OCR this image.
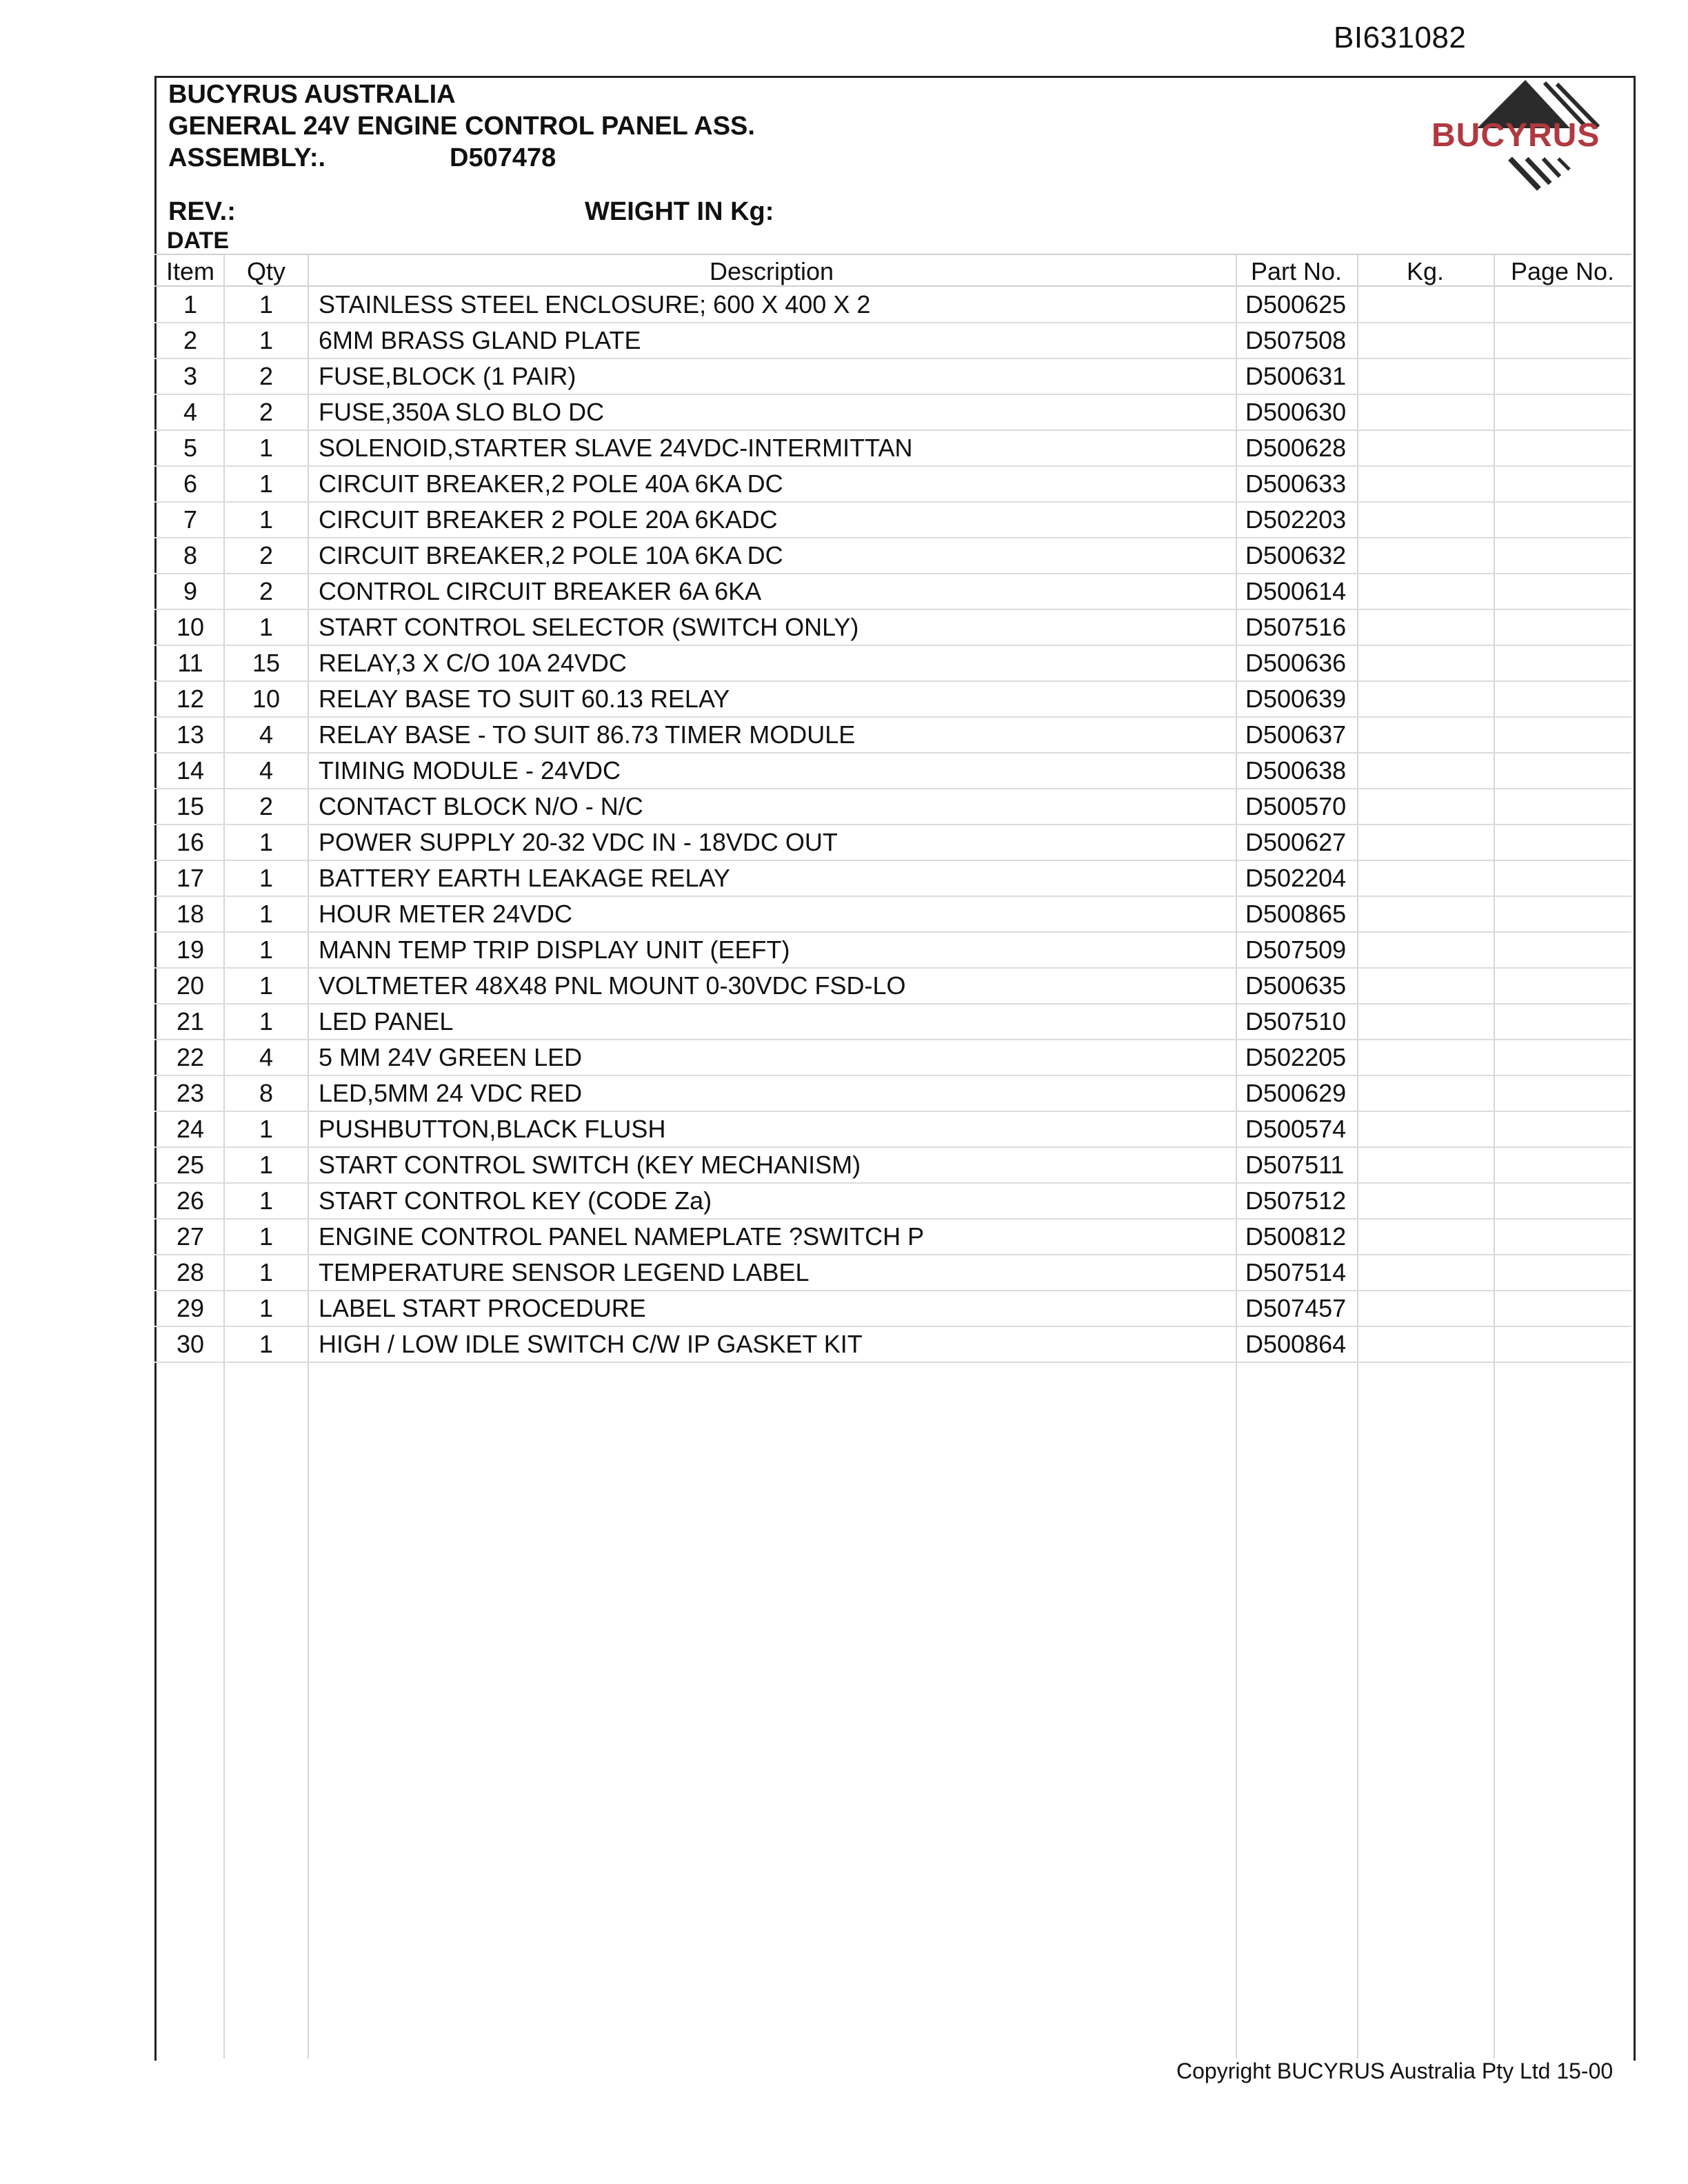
BI631082
BUCYRUS AUSTRALIA
GENERAL 24V ENGINE CONTROL PANEL ASS.
ASSEMBLY:.	D507478
REV.:	WEIGHT IN Kg:
DATE
BUCYRUS
Item	Qty	Description	Part No.	Kg.	Page No.
1	1	STAINLESS STEEL ENCLOSURE; 600 X 400 X 2	D500625
2	1	6MM BRASS GLAND PLATE	D507508
3	2	FUSE,BLOCK (1 PAIR)	D500631
4	2	FUSE,350A SLO BLO DC	D500630
5	1	SOLENOID,STARTER SLAVE 24VDC-INTERMITTAN	D500628
6	1	CIRCUIT BREAKER,2 POLE 40A 6KA DC	D500633
7	1	CIRCUIT BREAKER 2 POLE 20A 6KADC	D502203
8	2	CIRCUIT BREAKER,2 POLE 10A 6KA DC	D500632
9	2	CONTROL CIRCUIT BREAKER 6A 6KA	D500614
10	1	START CONTROL SELECTOR (SWITCH ONLY)	D507516
11	15	RELAY,3 X C/O 10A 24VDC	D500636
12	10	RELAY BASE TO SUIT 60.13 RELAY	D500639
13	4	RELAY BASE - TO SUIT 86.73 TIMER MODULE	D500637
14	4	TIMING MODULE - 24VDC	D500638
15	2	CONTACT BLOCK N/O - N/C	D500570
16	1	POWER SUPPLY 20-32 VDC IN - 18VDC OUT	D500627
17	1	BATTERY EARTH LEAKAGE RELAY	D502204
18	1	HOUR METER 24VDC	D500865
19	1	MANN TEMP TRIP DISPLAY UNIT (EEFT)	D507509
20	1	VOLTMETER 48X48 PNL MOUNT 0-30VDC FSD-LO	D500635
21	1	LED PANEL	D507510
22	4	5 MM 24V GREEN LED	D502205
23	8	LED,5MM 24 VDC RED	D500629
24	1	PUSHBUTTON,BLACK FLUSH	D500574
25	1	START CONTROL SWITCH (KEY MECHANISM)	D507511
26	1	START CONTROL KEY (CODE Za)	D507512
27	1	ENGINE CONTROL PANEL NAMEPLATE ?SWITCH P	D500812
28	1	TEMPERATURE SENSOR LEGEND LABEL	D507514
29	1	LABEL START PROCEDURE	D507457
30	1	HIGH / LOW IDLE SWITCH C/W IP GASKET KIT	D500864
Copyright BUCYRUS Australia Pty Ltd 15-00
